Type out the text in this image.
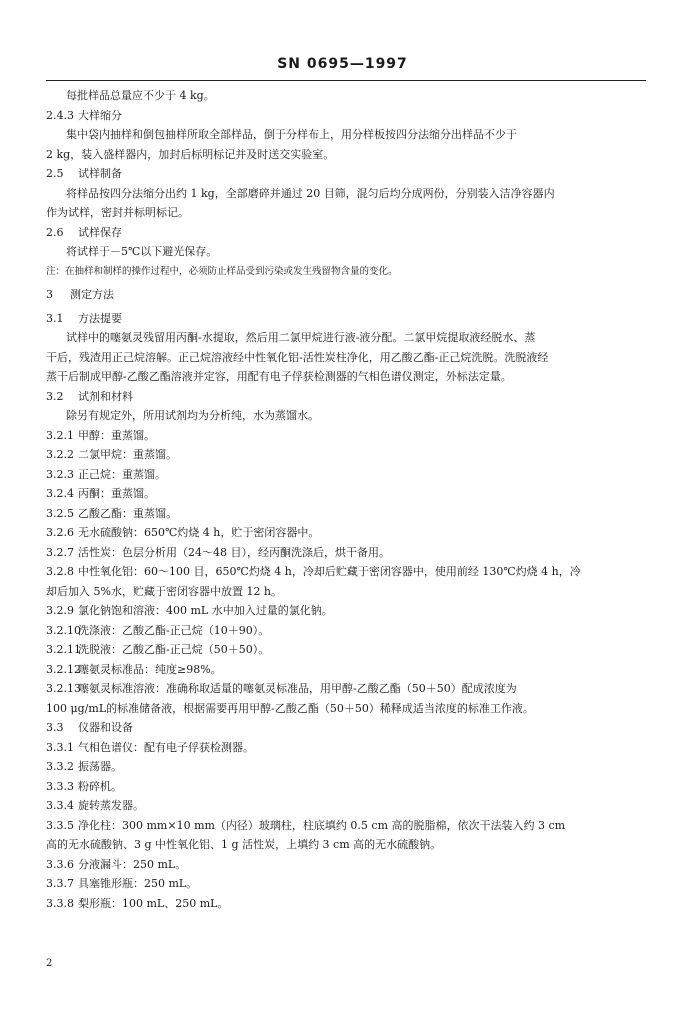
SN 0695—1997
每批样品总量应不少于 4 kg。
2.4.3 大样缩分
集中袋内抽样和倒包抽样所取全部样品，倒于分样布上，用分样板按四分法缩分出样品不少于
2 kg，装入盛样器内，加封后标明标记并及时送交实验室。
2.5 试样制备
将样品按四分法缩分出约 1 kg，全部磨碎并通过 20 目筛，混匀后均分成两份，分别装入洁净容器内
作为试样，密封并标明标记。
2.6 试样保存
将试样于－5℃以下避光保存。
注：在抽样和制样的操作过程中，必须防止样品受到污染或发生残留物含量的变化。
3 测定方法
3.1 方法提要
试样中的噻氨灵残留用丙酮-水提取，然后用二氯甲烷进行液-液分配。二氯甲烷提取液经脱水、蒸
干后，残渣用正己烷溶解。正己烷溶液经中性氧化铝-活性炭柱净化，用乙酸乙酯-正己烷洗脱。洗脱液经
蒸干后制成甲醇-乙酸乙酯溶液并定容，用配有电子俘获检测器的气相色谱仪测定，外标法定量。
3.2 试剂和材料
除另有规定外，所用试剂均为分析纯，水为蒸馏水。
3.2.1 甲醇：重蒸馏。
3.2.2 二氯甲烷：重蒸馏。
3.2.3 正己烷：重蒸馏。
3.2.4 丙酮：重蒸馏。
3.2.5 乙酸乙酯：重蒸馏。
3.2.6 无水硫酸钠：650℃灼烧 4 h，贮于密闭容器中。
3.2.7 活性炭：色层分析用（24～48 目），经丙酮洗涤后，烘干备用。
3.2.8 中性氧化铝：60～100 目，650℃灼烧 4 h，冷却后贮藏于密闭容器中，使用前经 130℃灼烧 4 h，冷
却后加入 5%水，贮藏于密闭容器中放置 12 h。
3.2.9 氯化钠饱和溶液：400 mL 水中加入过量的氯化钠。
3.2.10洗涤液：乙酸乙酯-正己烷（10＋90）。
3.2.11洗脱液：乙酸乙酯-正己烷（50＋50）。
3.2.12噻氨灵标准品：纯度≥98%。
3.2.13噻氨灵标准溶液：准确称取适量的噻氨灵标准品，用甲醇-乙酸乙酯（50＋50）配成浓度为
100 μg/mL的标准储备液，根据需要再用甲醇-乙酸乙酯（50＋50）稀释成适当浓度的标准工作液。
3.3 仪器和设备
3.3.1 气相色谱仪：配有电子俘获检测器。
3.3.2 振荡器。
3.3.3 粉碎机。
3.3.4 旋转蒸发器。
3.3.5 净化柱：300 mm×10 mm（内径）玻璃柱，柱底填约 0.5 cm 高的脱脂棉，依次干法装入约 3 cm
高的无水硫酸钠、3 g 中性氧化铝、1 g 活性炭，上填约 3 cm 高的无水硫酸钠。
3.3.6 分液漏斗：250 mL。
3.3.7 具塞锥形瓶：250 mL。
3.3.8 梨形瓶：100 mL、250 mL。
2
